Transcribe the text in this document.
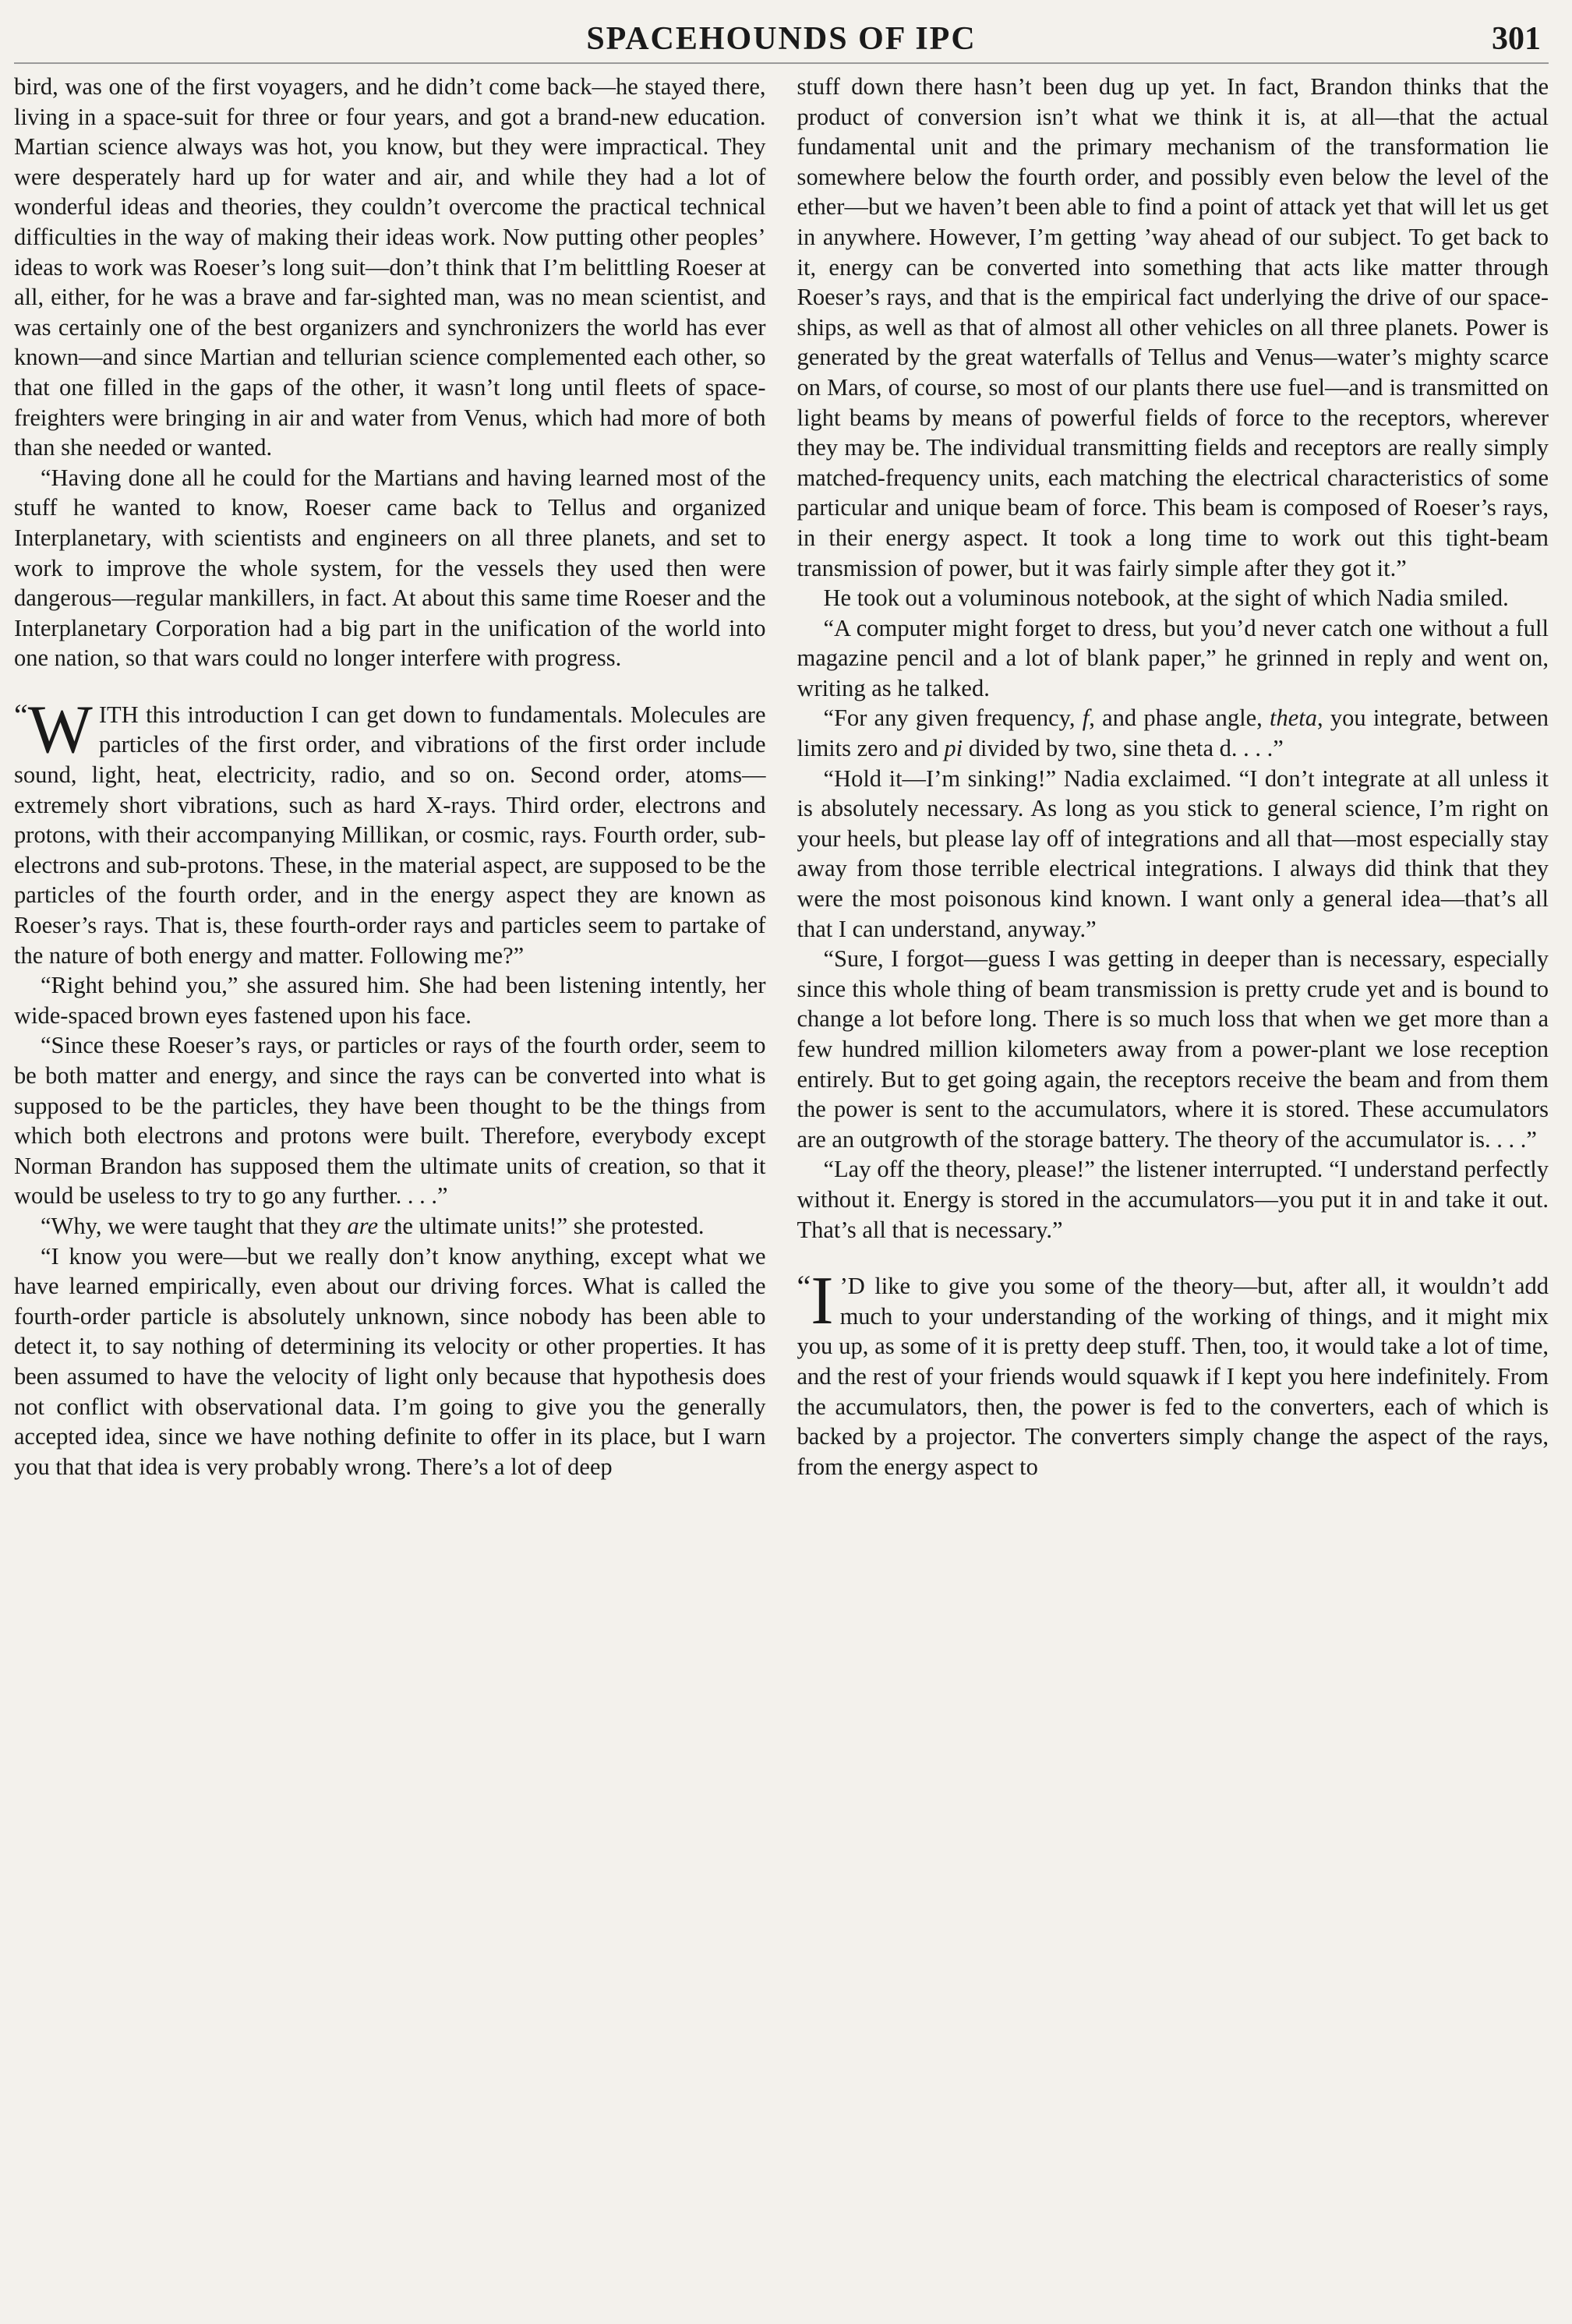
SPACEHOUNDS OF IPC	301

bird, was one of the first voyagers, and he didn’t come back—he stayed there, living in a space-suit for three or four years, and got a brand-new education. Martian science always was hot, you know, but they were impractical. They were desperately hard up for water and air, and while they had a lot of wonderful ideas and theories, they couldn’t overcome the practical technical difficulties in the way of making their ideas work. Now putting other peoples’ ideas to work was Roeser’s long suit—don’t think that I’m belittling Roeser at all, either, for he was a brave and far-sighted man, was no mean scientist, and was certainly one of the best organizers and synchronizers the world has ever known—and since Martian and tellurian science complemented each other, so that one filled in the gaps of the other, it wasn’t long until fleets of space-freighters were bringing in air and water from Venus, which had more of both than she needed or wanted.

“Having done all he could for the Martians and having learned most of the stuff he wanted to know, Roeser came back to Tellus and organized Interplanetary, with scientists and engineers on all three planets, and set to work to improve the whole system, for the vessels they used then were dangerous—regular mankillers, in fact. At about this same time Roeser and the Interplanetary Corporation had a big part in the unification of the world into one nation, so that wars could no longer interfere with progress.

“ W ITH this introduction I can get down to fundamentals. Molecules are particles of the first order, and vibrations of the first order include sound, light, heat, electricity, radio, and so on. Second order, atoms—extremely short vibrations, such as hard X-rays. Third order, electrons and protons, with their accompanying Millikan, or cosmic, rays. Fourth order, sub-electrons and sub-protons. These, in the material aspect, are supposed to be the particles of the fourth order, and in the energy aspect they are known as Roeser’s rays. That is, these fourth-order rays and particles seem to partake of the nature of both energy and matter. Following me?”

“Right behind you,” she assured him. She had been listening intently, her wide-spaced brown eyes fastened upon his face.

“Since these Roeser’s rays, or particles or rays of the fourth order, seem to be both matter and energy, and since the rays can be converted into what is supposed to be the particles, they have been thought to be the things from which both electrons and protons were built. Therefore, everybody except Norman Brandon has supposed them the ultimate units of creation, so that it would be useless to try to go any further. . . .”

“Why, we were taught that they are the ultimate units!” she protested.

“I know you were—but we really don’t know anything, except what we have learned empirically, even about our driving forces. What is called the fourth-order particle is absolutely unknown, since nobody has been able to detect it, to say nothing of determining its velocity or other properties. It has been assumed to have the velocity of light only because that hypothesis does not conflict with observational data. I’m going to give you the generally accepted idea, since we have nothing definite to offer in its place, but I warn you that that idea is very probably wrong. There’s a lot of deep

stuff down there hasn’t been dug up yet. In fact, Brandon thinks that the product of conversion isn’t what we think it is, at all—that the actual fundamental unit and the primary mechanism of the transformation lie somewhere below the fourth order, and possibly even below the level of the ether—but we haven’t been able to find a point of attack yet that will let us get in anywhere. However, I’m getting ’way ahead of our subject. To get back to it, energy can be converted into something that acts like matter through Roeser’s rays, and that is the empirical fact underlying the drive of our space-ships, as well as that of almost all other vehicles on all three planets. Power is generated by the great waterfalls of Tellus and Venus—water’s mighty scarce on Mars, of course, so most of our plants there use fuel—and is transmitted on light beams by means of powerful fields of force to the receptors, wherever they may be. The individual transmitting fields and receptors are really simply matched-frequency units, each matching the electrical characteristics of some particular and unique beam of force. This beam is composed of Roeser’s rays, in their energy aspect. It took a long time to work out this tight-beam transmission of power, but it was fairly simple after they got it.”

He took out a voluminous notebook, at the sight of which Nadia smiled.

“A computer might forget to dress, but you’d never catch one without a full magazine pencil and a lot of blank paper,” he grinned in reply and went on, writing as he talked.

“For any given frequency, f, and phase angle, theta, you integrate, between limits zero and pi divided by two, sine theta d. . . .”

“Hold it—I’m sinking!” Nadia exclaimed. “I don’t integrate at all unless it is absolutely necessary. As long as you stick to general science, I’m right on your heels, but please lay off of integrations and all that—most especially stay away from those terrible electrical integrations. I always did think that they were the most poisonous kind known. I want only a general idea—that’s all that I can understand, anyway.”

“Sure, I forgot—guess I was getting in deeper than is necessary, especially since this whole thing of beam transmission is pretty crude yet and is bound to change a lot before long. There is so much loss that when we get more than a few hundred million kilometers away from a power-plant we lose reception entirely. But to get going again, the receptors receive the beam and from them the power is sent to the accumulators, where it is stored. These accumulators are an outgrowth of the storage battery. The theory of the accumulator is. . . .”

“Lay off the theory, please!” the listener interrupted. “I understand perfectly without it. Energy is stored in the accumulators—you put it in and take it out. That’s all that is necessary.”

“ I ’D like to give you some of the theory—but, after all, it wouldn’t add much to your understanding of the working of things, and it might mix you up, as some of it is pretty deep stuff. Then, too, it would take a lot of time, and the rest of your friends would squawk if I kept you here indefinitely. From the accumulators, then, the power is fed to the converters, each of which is backed by a projector. The converters simply change the aspect of the rays, from the energy aspect to
